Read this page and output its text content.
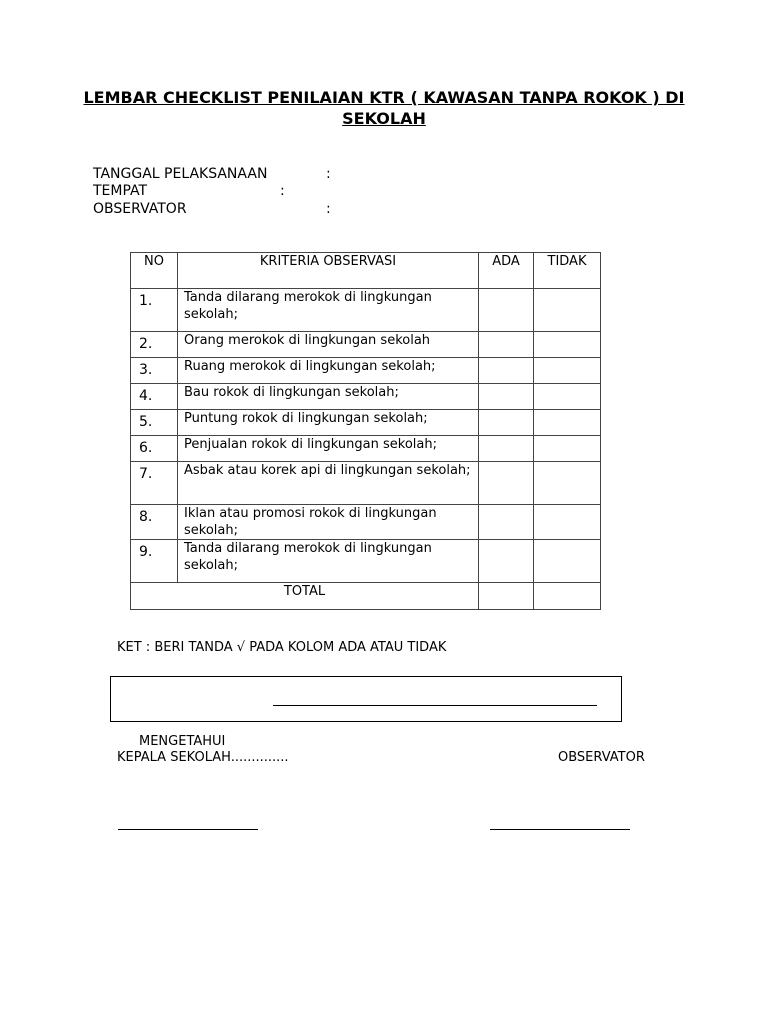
LEMBAR CHECKLIST PENILAIAN KTR ( KAWASAN TANPA ROKOK ) DI SEKOLAH
TANGGAL PELAKSANAAN	:
TEMPAT	:
OBSERVATOR	:
NO	KRITERIA OBSERVASI	ADA	TIDAK
1.	Tanda dilarang merokok di lingkungan sekolah;		
2.	Orang merokok di lingkungan sekolah		
3.	Ruang merokok di lingkungan sekolah;		
4.	Bau rokok di lingkungan sekolah;		
5.	Puntung rokok di lingkungan sekolah;		
6.	Penjualan rokok di lingkungan sekolah;		
7.	Asbak atau korek api di lingkungan sekolah;		
8.	Iklan atau promosi rokok di lingkungan sekolah;		
9.	Tanda dilarang merokok di lingkungan sekolah;		
TOTAL			
KET : BERI TANDA √ PADA KOLOM ADA ATAU TIDAK
MENGETAHUI
KEPALA SEKOLAH..............	OBSERVATOR
